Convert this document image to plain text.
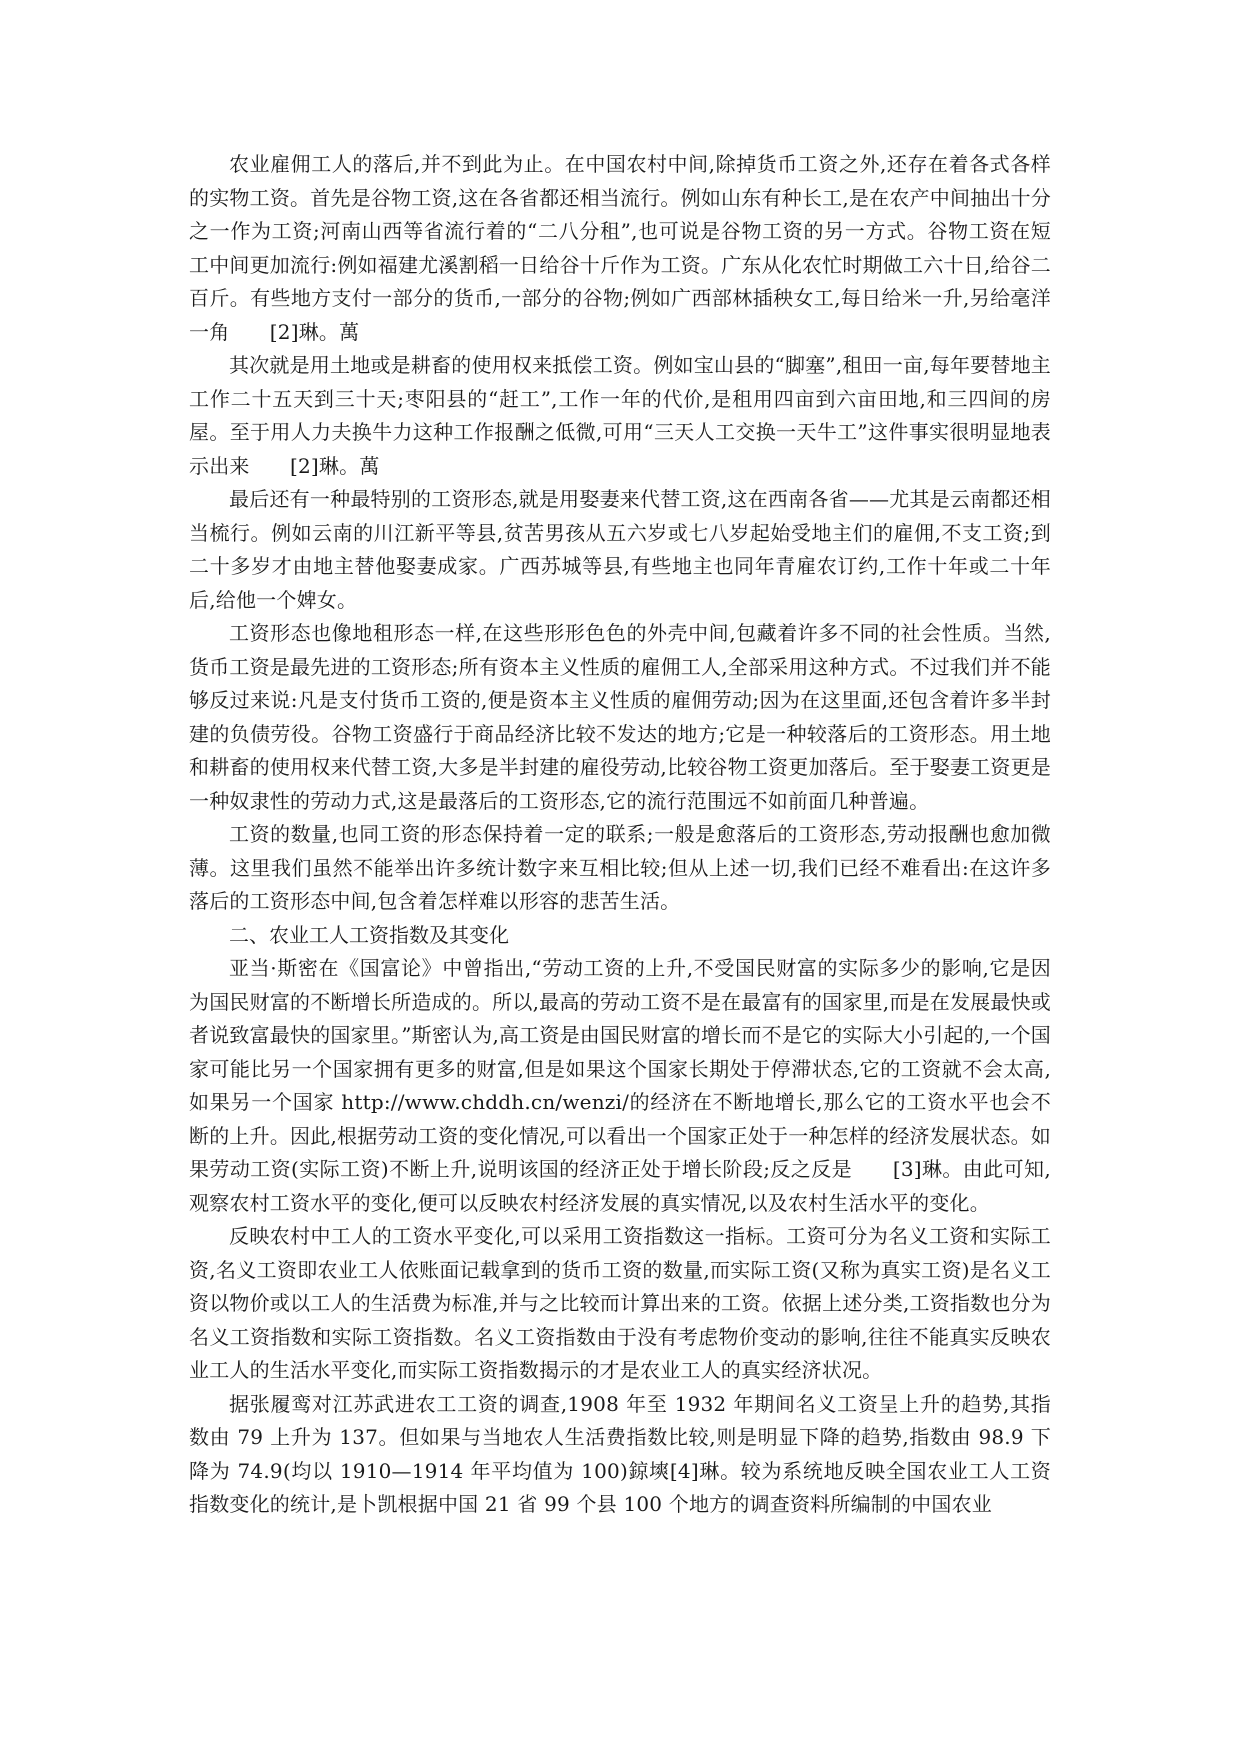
农业雇佣工人的落后,并不到此为止。在中国农村中间,除掉货币工资之外,还存在着各式各样的实物工资。首先是谷物工资,这在各省都还相当流行。例如山东有种长工,是在农产中间抽出十分之一作为工资;河南山西等省流行着的“二八分租”,也可说是谷物工资的另一方式。谷物工资在短工中间更加流行:例如福建尤溪割稻一日给谷十斤作为工资。广东从化农忙时期做工六十日,给谷二百斤。有些地方支付一部分的货币,一部分的谷物;例如广西部林插秧女工,每日给米一升,另给毫洋一角　　[2]琳。萬

其次就是用土地或是耕畜的使用权来抵偿工资。例如宝山县的“脚塞”,租田一亩,每年要替地主工作二十五天到三十天;枣阳县的“赶工”,工作一年的代价,是租用四亩到六亩田地,和三四间的房屋。至于用人力夫换牛力这种工作报酬之低微,可用“三天人工交换一天牛工”这件事实很明显地表示出来　　[2]琳。萬

最后还有一种最特别的工资形态,就是用娶妻来代替工资,这在西南各省——尤其是云南都还相当梳行。例如云南的川江新平等县,贫苦男孩从五六岁或七八岁起始受地主们的雇佣,不支工资;到二十多岁才由地主替他娶妻成家。广西苏城等县,有些地主也同年青雇农订约,工作十年或二十年后,给他一个婢女。

工资形态也像地租形态一样,在这些形形色色的外壳中间,包藏着许多不同的社会性质。当然,货币工资是最先进的工资形态;所有资本主义性质的雇佣工人,全部采用这种方式。不过我们并不能够反过来说:凡是支付货币工资的,便是资本主义性质的雇佣劳动;因为在这里面,还包含着许多半封建的负债劳役。谷物工资盛行于商品经济比较不发达的地方;它是一种较落后的工资形态。用土地和耕畜的使用权来代替工资,大多是半封建的雇役劳动,比较谷物工资更加落后。至于娶妻工资更是一种奴隶性的劳动力式,这是最落后的工资形态,它的流行范围远不如前面几种普遍。

工资的数量,也同工资的形态保持着一定的联系;一般是愈落后的工资形态,劳动报酬也愈加微薄。这里我们虽然不能举出许多统计数字来互相比较;但从上述一切,我们已经不难看出:在这许多落后的工资形态中间,包含着怎样难以形容的悲苦生活。

二、农业工人工资指数及其变化

亚当·斯密在《国富论》中曾指出,“劳动工资的上升,不受国民财富的实际多少的影响,它是因为国民财富的不断增长所造成的。所以,最高的劳动工资不是在最富有的国家里,而是在发展最快或者说致富最快的国家里。”斯密认为,高工资是由国民财富的增长而不是它的实际大小引起的,一个国家可能比另一个国家拥有更多的财富,但是如果这个国家长期处于停滞状态,它的工资就不会太高,如果另一个国家 http://www.chddh.cn/wenzi/的经济在不断地增长,那么它的工资水平也会不断的上升。因此,根据劳动工资的变化情况,可以看出一个国家正处于一种怎样的经济发展状态。如果劳动工资(实际工资)不断上升,说明该国的经济正处于增长阶段;反之反是　　[3]琳。由此可知,观察农村工资水平的变化,便可以反映农村经济发展的真实情况,以及农村生活水平的变化。

反映农村中工人的工资水平变化,可以采用工资指数这一指标。工资可分为名义工资和实际工资,名义工资即农业工人依账面记载拿到的货币工资的数量,而实际工资(又称为真实工资)是名义工资以物价或以工人的生活费为标准,并与之比较而计算出来的工资。依据上述分类,工资指数也分为名义工资指数和实际工资指数。名义工资指数由于没有考虑物价变动的影响,往往不能真实反映农业工人的生活水平变化,而实际工资指数揭示的才是农业工人的真实经济状况。

据张履鸾对江苏武进农工工资的调查,1908 年至 1932 年期间名义工资呈上升的趋势,其指数由 79 上升为 137。但如果与当地农人生活费指数比较,则是明显下降的趋势,指数由 98.9 下降为 74.9(均以 1910—1914 年平均值为 100)鍄塽[4]琳。较为系统地反映全国农业工人工资指数变化的统计,是卜凯根据中国 21 省 99 个县 100 个地方的调查资料所编制的中国农业
